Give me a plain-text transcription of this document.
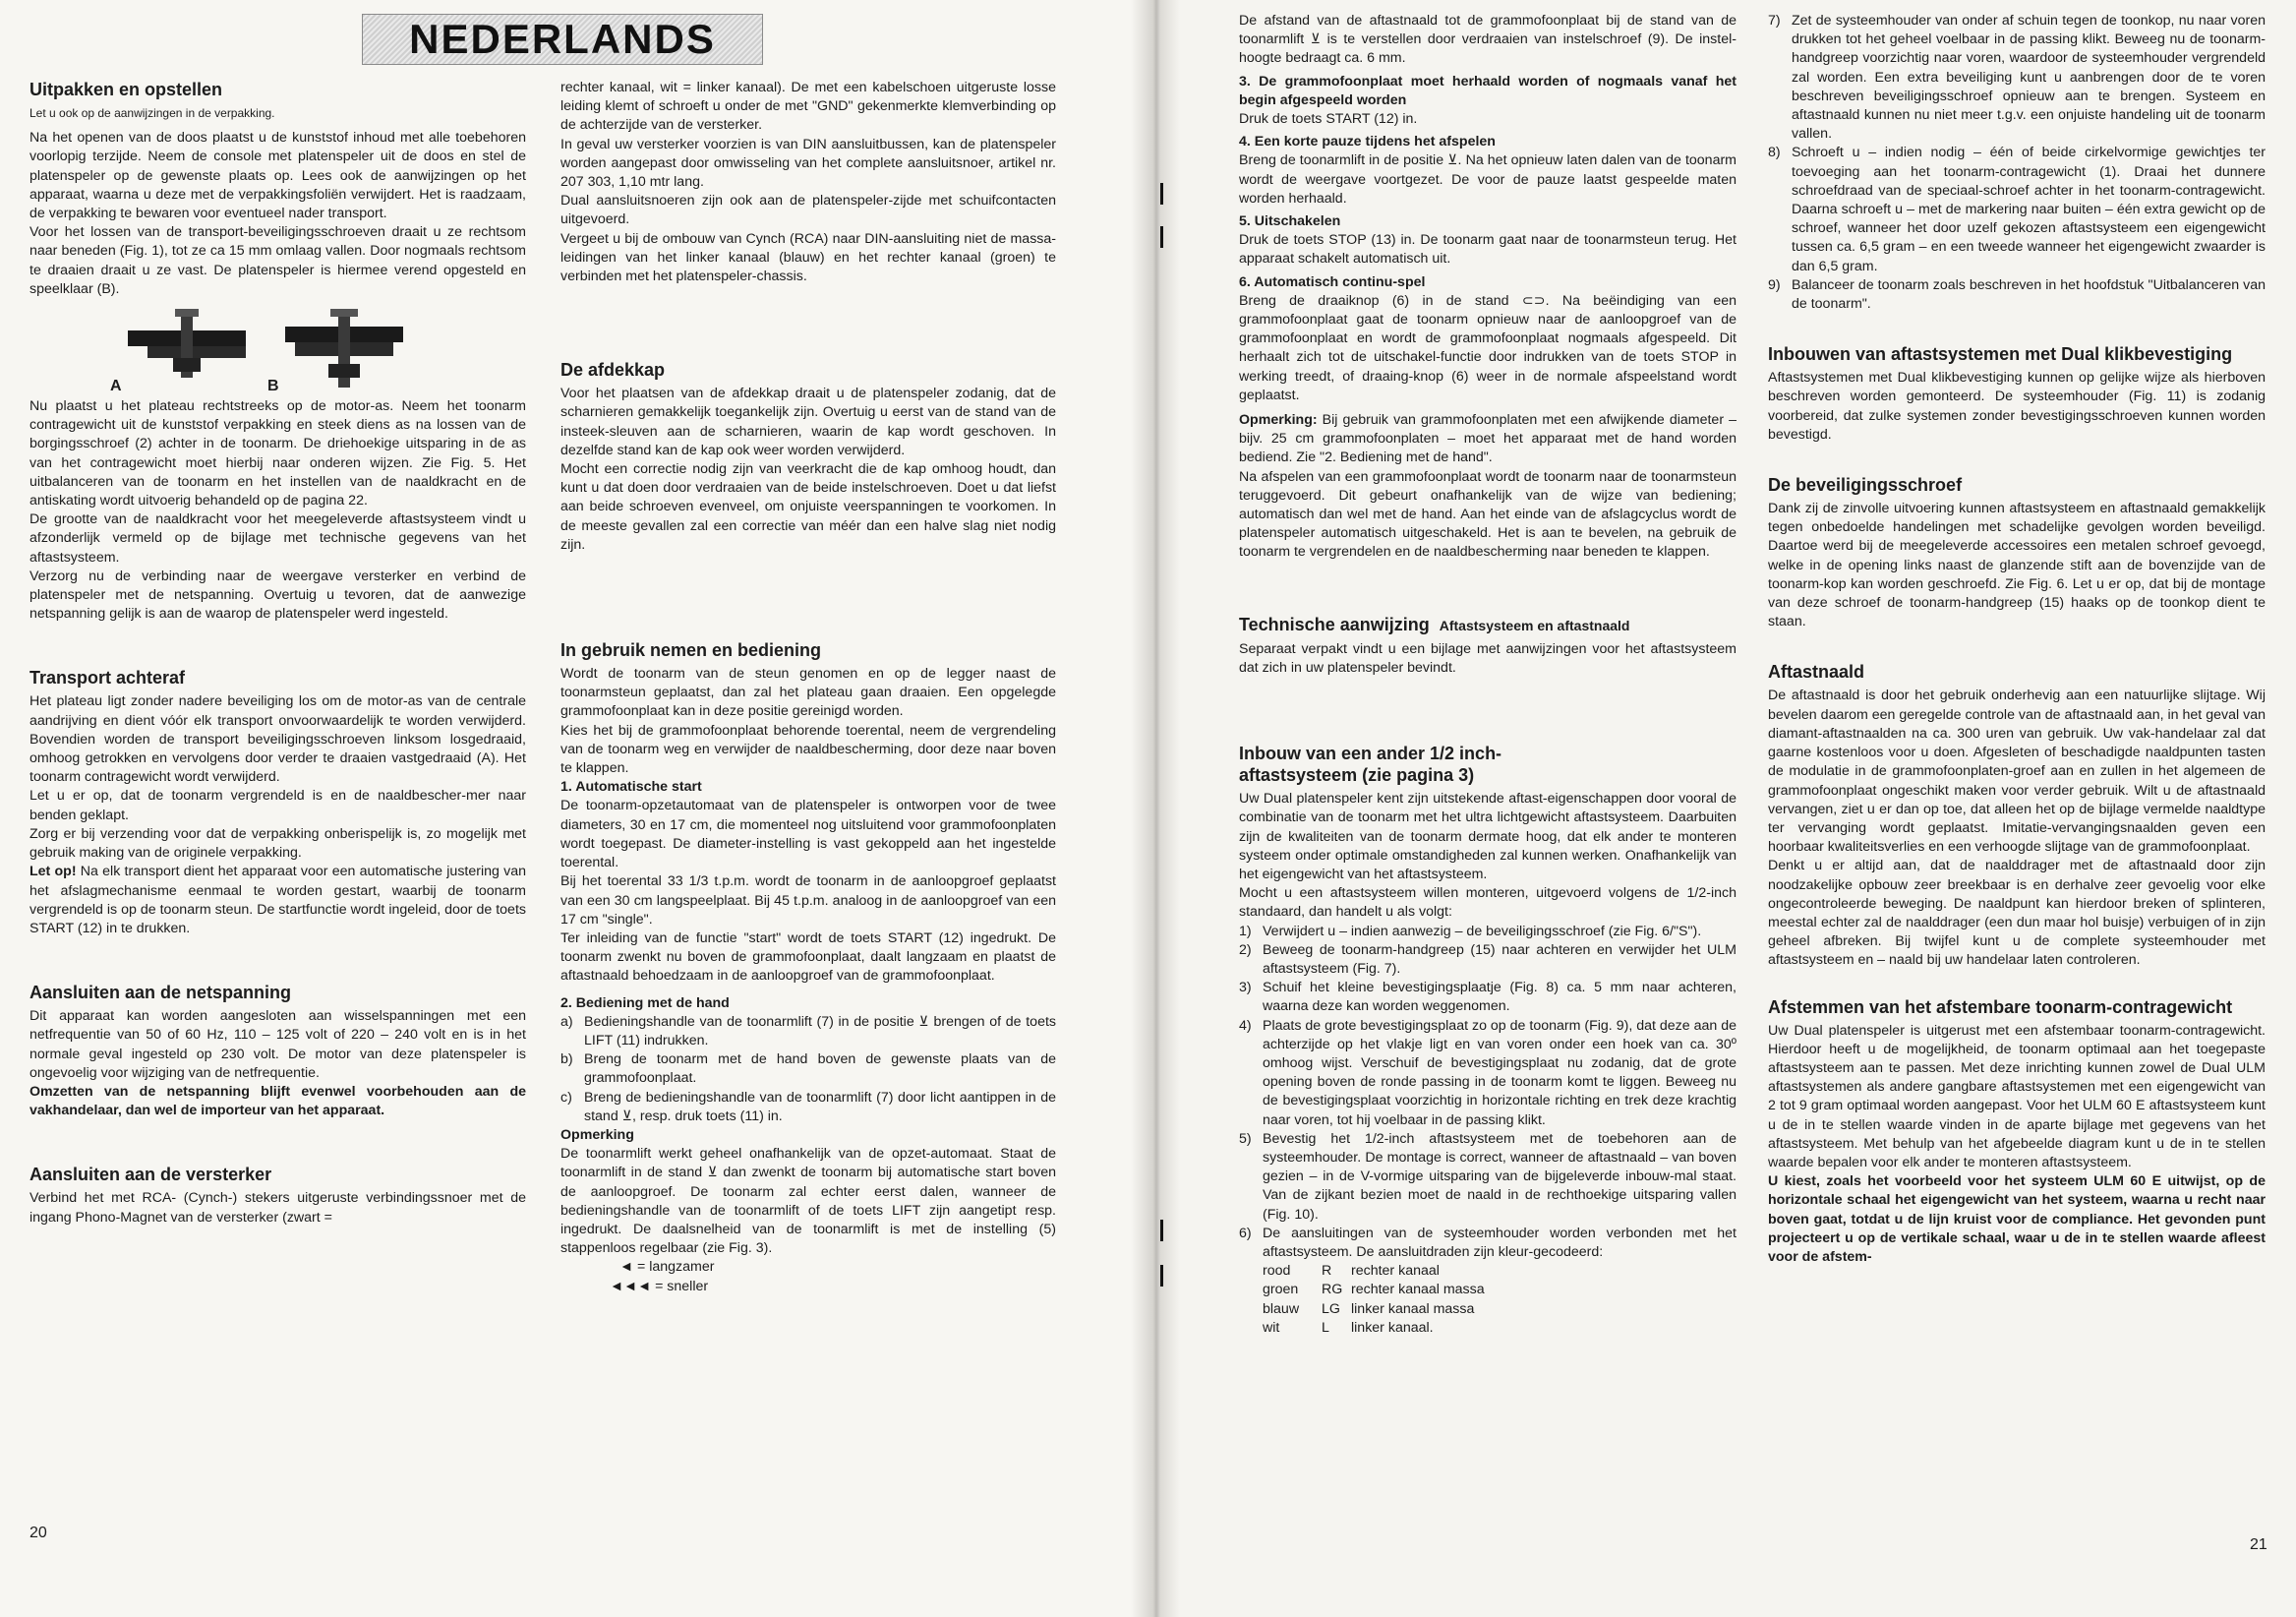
NEDERLANDS
Uitpakken en opstellen

Let u ook op de aanwijzingen in de verpakking.

Na het openen van de doos plaatst u de kunststof inhoud met alle toebehoren voorlopig terzijde. Neem de console met platenspeler uit de doos en stel de platenspeler op de gewenste plaats op. Lees ook de aanwijzingen op het apparaat, waarna u deze met de verpakkingsfoliën verwijdert. Het is raadzaam, de verpakking te bewaren voor eventueel nader transport.

Voor het lossen van de transport-beveiligingsschroeven draait u ze rechtsom naar beneden (Fig. 1), tot ze ca 15 mm omlaag vallen. Door nogmaals rechtsom te draaien draait u ze vast. De platenspeler is hiermee verend opgesteld en speelklaar (B).

A	B

Nu plaatst u het plateau rechtstreeks op de motor-as. Neem het toonarm contragewicht uit de kunststof verpakking en steek diens as na lossen van de borgingsschroef (2) achter in de toonarm. De driehoekige uitsparing in de as van het contragewicht moet hierbij naar onderen wijzen. Zie Fig. 5. Het uitbalanceren van de toonarm en het instellen van de naaldkracht en de antiskating wordt uitvoerig behandeld op de pagina 22.

De grootte van de naaldkracht voor het meegeleverde aftastsysteem vindt u afzonderlijk vermeld op de bijlage met technische gegevens van het aftastsysteem.

Verzorg nu de verbinding naar de weergave versterker en verbind de platenspeler met de netspanning. Overtuig u tevoren, dat de aanwezige netspanning gelijk is aan de waarop de platenspeler werd ingesteld.

Transport achteraf

Het plateau ligt zonder nadere beveiliging los om de motor-as van de centrale aandrijving en dient vóór elk transport onvoorwaardelijk te worden verwijderd. Bovendien worden de transport beveiligingsschroeven linksom losgedraaid, omhoog getrokken en vervolgens door verder te draaien vastgedraaid (A). Het toonarm contragewicht wordt verwijderd.

Let u er op, dat de toonarm vergrendeld is en de naaldbescher-mer naar benden geklapt.

Zorg er bij verzending voor dat de verpakking onberispelijk is, zo mogelijk met gebruik making van de originele verpakking.

Let op! Na elk transport dient het apparaat voor een automatische justering van het afslagmechanisme eenmaal te worden gestart, waarbij de toonarm vergrendeld is op de toonarm steun. De startfunctie wordt ingeleid, door de toets START (12) in te drukken.

Aansluiten aan de netspanning

Dit apparaat kan worden aangesloten aan wisselspanningen met een netfrequentie van 50 of 60 Hz, 110 – 125 volt of 220 – 240 volt en is in het normale geval ingesteld op 230 volt. De motor van deze platenspeler is ongevoelig voor wijziging van de netfrequentie.

Omzetten van de netspanning blijft evenwel voorbehouden aan de vakhandelaar, dan wel de importeur van het apparaat.

Aansluiten aan de versterker

Verbind het met RCA- (Cynch-) stekers uitgeruste verbindingssnoer met de ingang Phono-Magnet van de versterker (zwart =

20

rechter kanaal, wit = linker kanaal). De met een kabelschoen uitgeruste losse leiding klemt of schroeft u onder de met "GND" gekenmerkte klemverbinding op de achterzijde van de versterker.

In geval uw versterker voorzien is van DIN aansluitbussen, kan de platenspeler worden aangepast door omwisseling van het complete aansluitsnoer, artikel nr. 207 303, 1,10 mtr lang.

Dual aansluitsnoeren zijn ook aan de platenspeler-zijde met schuifcontacten uitgevoerd.

Vergeet u bij de ombouw van Cynch (RCA) naar DIN-aansluiting niet de massa-leidingen van het linker kanaal (blauw) en het rechter kanaal (groen) te verbinden met het platenspeler-chassis.

De afdekkap

Voor het plaatsen van de afdekkap draait u de platenspeler zodanig, dat de scharnieren gemakkelijk toegankelijk zijn. Overtuig u eerst van de stand van de insteek-sleuven aan de scharnieren, waarin de kap wordt geschoven. In dezelfde stand kan de kap ook weer worden verwijderd.

Mocht een correctie nodig zijn van veerkracht die de kap omhoog houdt, dan kunt u dat doen door verdraaien van de beide instelschroeven. Doet u dat liefst aan beide schroeven evenveel, om onjuiste veerspanningen te voorkomen. In de meeste gevallen zal een correctie van méér dan een halve slag niet nodig zijn.

In gebruik nemen en bediening

Wordt de toonarm van de steun genomen en op de legger naast de toonarmsteun geplaatst, dan zal het plateau gaan draaien. Een opgelegde grammofoonplaat kan in deze positie gereinigd worden.

Kies het bij de grammofoonplaat behorende toerental, neem de vergrendeling van de toonarm weg en verwijder de naaldbescherming, door deze naar boven te klappen.

1. Automatische start

De toonarm-opzetautomaat van de platenspeler is ontworpen voor de twee diameters, 30 en 17 cm, die momenteel nog uitsluitend voor grammofoonplaten wordt toegepast. De diameter-instelling is vast gekoppeld aan het ingestelde toerental.

Bij het toerental 33 1/3 t.p.m. wordt de toonarm in de aanloopgroef geplaatst van een 30 cm langspeelplaat. Bij 45 t.p.m. analoog in de aanloopgroef van een 17 cm "single".

Ter inleiding van de functie "start" wordt de toets START (12) ingedrukt. De toonarm zwenkt nu boven de grammofoonplaat, daalt langzaam en plaatst de aftastnaald behoedzaam in de aanloopgroef van de grammofoonplaat.

2. Bediening met de hand

a) Bedieningshandle van de toonarmlift (7) in de positie ⊻ brengen of de toets LIFT (11) indrukken.
b) Breng de toonarm met de hand boven de gewenste plaats van de grammofoonplaat.
c) Breng de bedieningshandle van de toonarmlift (7) door licht aantippen in de stand ⊻, resp. druk toets (11) in.

Opmerking

De toonarmlift werkt geheel onafhankelijk van de opzet-automaat. Staat de toonarmlift in de stand ⊻ dan zwenkt de toonarm bij automatische start boven de aanloopgroef. De toonarm zal echter eerst dalen, wanneer de bedieningshandle van de toonarmlift of de toets LIFT zijn aangetipt resp. ingedrukt. De daalsnelheid van de toonarmlift is met de instelling (5) stappenloos regelbaar (zie Fig. 3).

◄ = langzamer

◄◄◄ = sneller

De afstand van de aftastnaald tot de grammofoonplaat bij de stand van de toonarmlift ⊻ is te verstellen door verdraaien van instelschroef (9). De instel-hoogte bedraagt ca. 6 mm.

3. De grammofoonplaat moet herhaald worden of nogmaals vanaf het begin afgespeeld worden

Druk de toets START (12) in.

4. Een korte pauze tijdens het afspelen

Breng de toonarmlift in de positie ⊻. Na het opnieuw laten dalen van de toonarm wordt de weergave voortgezet. De voor de pauze laatst gespeelde maten worden herhaald.

5. Uitschakelen

Druk de toets STOP (13) in. De toonarm gaat naar de toonarmsteun terug. Het apparaat schakelt automatisch uit.

6. Automatisch continu-spel

Breng de draaiknop (6) in de stand ⊂⊃. Na beëindiging van een grammofoonplaat gaat de toonarm opnieuw naar de aanloopgroef van de grammofoonplaat en wordt de grammofoonplaat nogmaals afgespeeld. Dit herhaalt zich tot de uitschakel-functie door indrukken van de toets STOP in werking treedt, of draaing-knop (6) weer in de normale afspeelstand wordt geplaatst.

Opmerking: Bij gebruik van grammofoonplaten met een afwijkende diameter – bijv. 25 cm grammofoonplaten – moet het apparaat met de hand worden bediend. Zie "2. Bediening met de hand".

Na afspelen van een grammofoonplaat wordt de toonarm naar de toonarmsteun teruggevoerd. Dit gebeurt onafhankelijk van de wijze van bediening; automatisch dan wel met de hand. Aan het einde van de afslagcyclus wordt de platenspeler automatisch uitgeschakeld. Het is aan te bevelen, na gebruik de toonarm te vergrendelen en de naaldbescherming naar beneden te klappen.

Technische aanwijzing Aftastsysteem en aftastnaald

Separaat verpakt vindt u een bijlage met aanwijzingen voor het aftastsysteem dat zich in uw platenspeler bevindt.

Inbouw van een ander 1/2 inch-aftastsysteem (zie pagina 3)

Uw Dual platenspeler kent zijn uitstekende aftast-eigenschappen door vooral de combinatie van de toonarm met het ultra lichtgewicht aftastsysteem. Daarbuiten zijn de kwaliteiten van de toonarm dermate hoog, dat elk ander te monteren systeem onder optimale omstandigheden zal kunnen werken. Onafhankelijk van het eigengewicht van het aftastsysteem.

Mocht u een aftastsysteem willen monteren, uitgevoerd volgens de 1/2-inch standaard, dan handelt u als volgt:

1) Verwijdert u – indien aanwezig – de beveiligingsschroef (zie Fig. 6/"S").
2) Beweeg de toonarm-handgreep (15) naar achteren en verwijder het ULM aftastsysteem (Fig. 7).
3) Schuif het kleine bevestigingsplaatje (Fig. 8) ca. 5 mm naar achteren, waarna deze kan worden weggenomen.
4) Plaats de grote bevestigingsplaat zo op de toonarm (Fig. 9), dat deze aan de achterzijde op het vlakje ligt en van voren onder een hoek van ca. 30º omhoog wijst. Verschuif de bevestigingsplaat nu zodanig, dat de grote opening boven de ronde passing in de toonarm komt te liggen. Beweeg nu de bevestigingsplaat voorzichtig in horizontale richting en trek deze krachtig naar voren, tot hij voelbaar in de passing klikt.
5) Bevestig het 1/2-inch aftastsysteem met de toebehoren aan de systeemhouder. De montage is correct, wanneer de aftastnaald – van boven gezien – in de V-vormige uitsparing van de bijgeleverde inbouw-mal staat. Van de zijkant bezien moet de naald in de rechthoekige uitsparing vallen (Fig. 10).
6) De aansluitingen van de systeemhouder worden verbonden met het aftastsysteem. De aansluitdraden zijn kleur-gecodeerd:
rood	R	rechter kanaal
groen	RG rechter kanaal massa
blauw	LG linker kanaal massa
wit	L	linker kanaal.
7) Zet de systeemhouder van onder af schuin tegen de toonkop, nu naar voren drukken tot het geheel voelbaar in de passing klikt. Beweeg nu de toonarm-handgreep voorzichtig naar voren, waardoor de systeemhouder vergrendeld zal worden. Een extra beveiliging kunt u aanbrengen door de te voren beschreven beveiligingsschroef opnieuw aan te brengen. Systeem en aftastnaald kunnen nu niet meer t.g.v. een onjuiste handeling uit de toonarm vallen.
8) Schroeft u – indien nodig – één of beide cirkelvormige gewichtjes ter toevoeging aan het toonarm-contragewicht (1). Draai het dunnere schroefdraad van de speciaal-schroef achter in het toonarm-contragewicht. Daarna schroeft u – met de markering naar buiten – één extra gewicht op de schroef, wanneer het door uzelf gekozen aftastsysteem een eigengewicht tussen ca. 6,5 gram – en een tweede wanneer het eigengewicht zwaarder is dan 6,5 gram.
9) Balanceer de toonarm zoals beschreven in het hoofdstuk "Uitbalanceren van de toonarm".
Inbouwen van aftastsystemen met Dual klikbevestiging

Aftastsystemen met Dual klikbevestiging kunnen op gelijke wijze als hierboven beschreven worden gemonteerd. De systeemhouder (Fig. 11) is zodanig voorbereid, dat zulke systemen zonder bevestigingsschroeven kunnen worden bevestigd.

De beveiligingsschroef

Dank zij de zinvolle uitvoering kunnen aftastsysteem en aftastnaald gemakkelijk tegen onbedoelde handelingen met schadelijke gevolgen worden beveiligd. Daartoe werd bij de meegeleverde accessoires een metalen schroef gevoegd, welke in de opening links naast de glanzende stift aan de bovenzijde van de toonarm-kop kan worden geschroefd. Zie Fig. 6. Let u er op, dat bij de montage van deze schroef de toonarm-handgreep (15) haaks op de toonkop dient te staan.

Aftastnaald

De aftastnaald is door het gebruik onderhevig aan een natuurlijke slijtage. Wij bevelen daarom een geregelde controle van de aftastnaald aan, in het geval van diamant-aftastnaalden na ca. 300 uren van gebruik. Uw vak-handelaar zal dat gaarne kostenloos voor u doen. Afgesleten of beschadigde naaldpunten tasten de modulatie in de grammofoonplaten-groef aan en zullen in het algemeen de grammofoonplaat ongeschikt maken voor verder gebruik. Wilt u de aftastnaald vervangen, ziet u er dan op toe, dat alleen het op de bijlage vermelde naaldtype ter vervanging wordt geplaatst. Imitatie-vervangingsnaalden geven een hoorbaar kwaliteitsverlies en een verhoogde slijtage van de grammofoonplaat.

Denkt u er altijd aan, dat de naalddrager met de aftastnaald door zijn noodzakelijke opbouw zeer breekbaar is en derhalve zeer gevoelig voor elke ongecontroleerde beweging. De naaldpunt kan hierdoor breken of splinteren, meestal echter zal de naalddrager (een dun maar hol buisje) verbuigen of in zijn geheel afbreken. Bij twijfel kunt u de complete systeemhouder met aftastsysteem en – naald bij uw handelaar laten controleren.

Afstemmen van het afstembare toonarm-contragewicht

Uw Dual platenspeler is uitgerust met een afstembaar toonarm-contragewicht. Hierdoor heeft u de mogelijkheid, de toonarm optimaal aan het toegepaste aftastsysteem aan te passen. Met deze inrichting kunnen zowel de Dual ULM aftastsystemen als andere gangbare aftastsystemen met een eigengewicht van 2 tot 9 gram optimaal worden aangepast. Voor het ULM 60 E aftastsysteem kunt u de in te stellen waarde vinden in de aparte bijlage met gegevens van het aftastsysteem. Met behulp van het afgebeelde diagram kunt u de in te stellen waarde bepalen voor elk ander te monteren aftastsysteem.

U kiest, zoals het voorbeeld voor het systeem ULM 60 E uitwijst, op de horizontale schaal het eigengewicht van het systeem, waarna u recht naar boven gaat, totdat u de lijn kruist voor de compliance. Het gevonden punt projecteert u op de vertikale schaal, waar u de in te stellen waarde afleest voor de afstem-

21
